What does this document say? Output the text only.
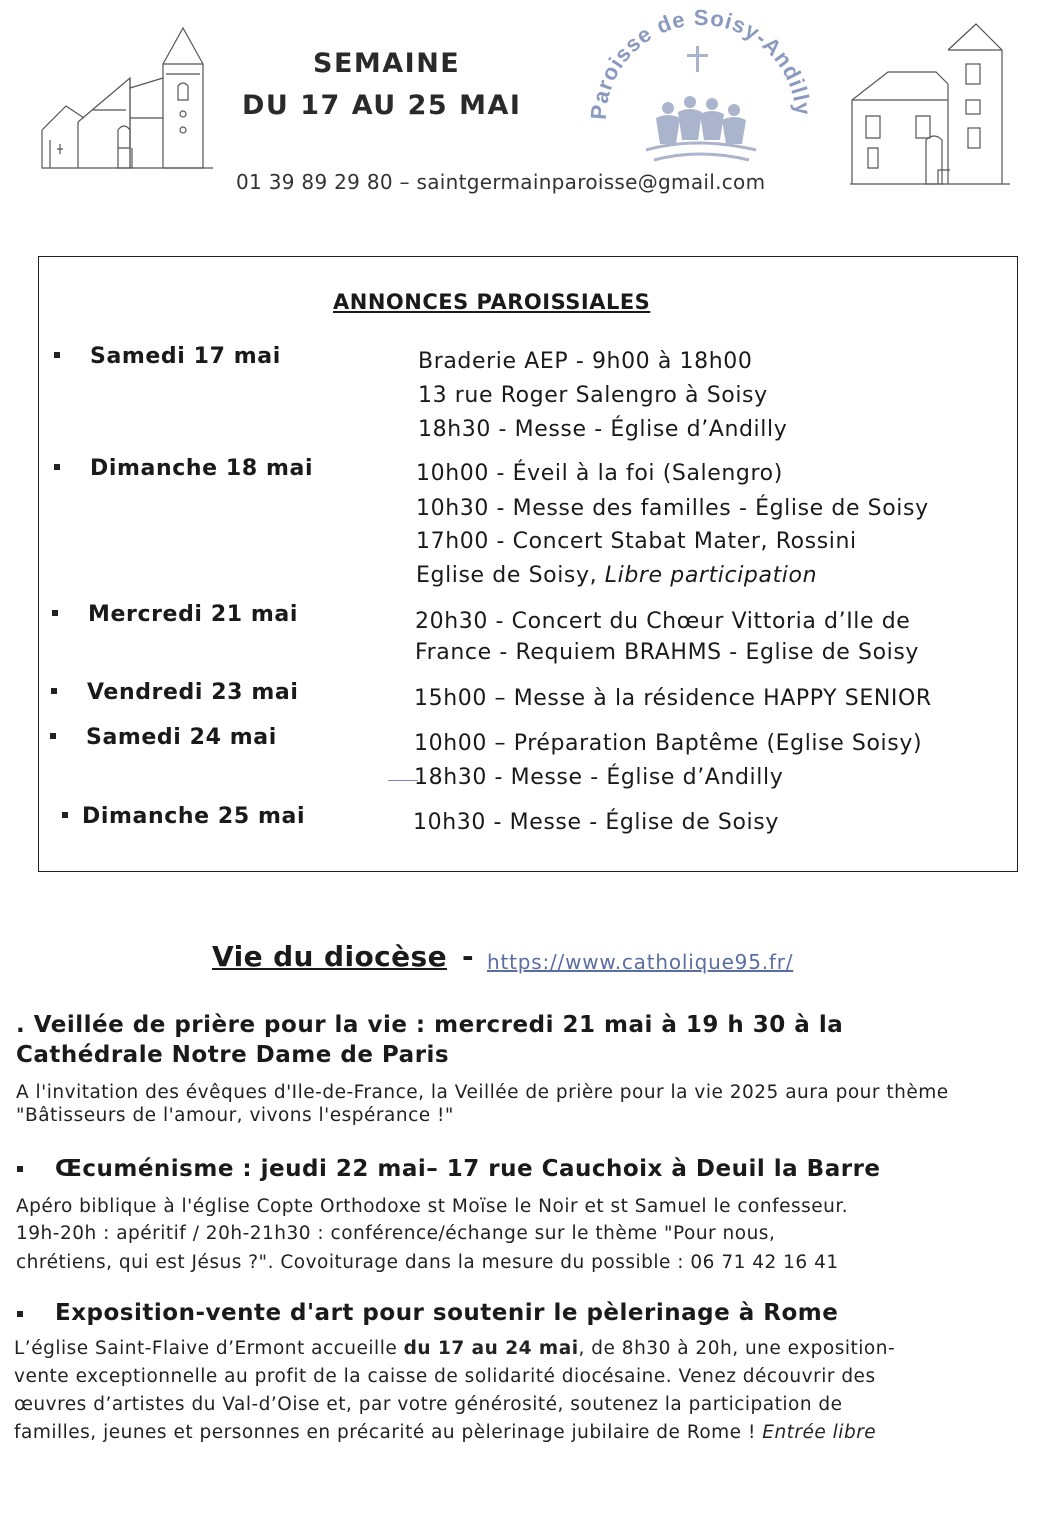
SEMAINE
DU 17 AU 25 MAI
01 39 89 29 80 – saintgermainparoisse@gmail.com
Paroisse de Soisy-Andilly
ANNONCES PAROISSIALES
Samedi 17 mai	Braderie AEP - 9h00 à 18h00
13 rue Roger Salengro à Soisy
18h30 - Messe - Église d’Andilly
Dimanche 18 mai	10h00 - Éveil à la foi (Salengro)
10h30 - Messe des familles - Église de Soisy
17h00 - Concert Stabat Mater, Rossini
Eglise de Soisy, Libre participation
Mercredi 21 mai	20h30 - Concert du Chœur Vittoria d’Ile de
France - Requiem BRAHMS - Eglise de Soisy
Vendredi 23 mai	15h00 – Messe à la résidence HAPPY SENIOR
Samedi 24 mai	10h00 – Préparation Baptême (Eglise Soisy)
18h30 - Messe - Église d’Andilly
Dimanche 25 mai	10h30 - Messe - Église de Soisy
Vie du diocèse - https://www.catholique95.fr/
. Veillée de prière pour la vie : mercredi 21 mai à 19 h 30 à la
Cathédrale Notre Dame de Paris
A l'invitation des évêques d'Ile-de-France, la Veillée de prière pour la vie 2025 aura pour thème
"Bâtisseurs de l'amour, vivons l'espérance !"
Œcuménisme : jeudi 22 mai– 17 rue Cauchoix à Deuil la Barre
Apéro biblique à l'église Copte Orthodoxe st Moïse le Noir et st Samuel le confesseur.
19h-20h : apéritif / 20h-21h30 : conférence/échange sur le thème "Pour nous,
chrétiens, qui est Jésus ?". Covoiturage dans la mesure du possible : 06 71 42 16 41
Exposition-vente d'art pour soutenir le pèlerinage à Rome
L’église Saint-Flaive d’Ermont accueille du 17 au 24 mai, de 8h30 à 20h, une exposition-
vente exceptionnelle au profit de la caisse de solidarité diocésaine. Venez découvrir des
œuvres d’artistes du Val-d’Oise et, par votre générosité, soutenez la participation de
familles, jeunes et personnes en précarité au pèlerinage jubilaire de Rome ! Entrée libre
